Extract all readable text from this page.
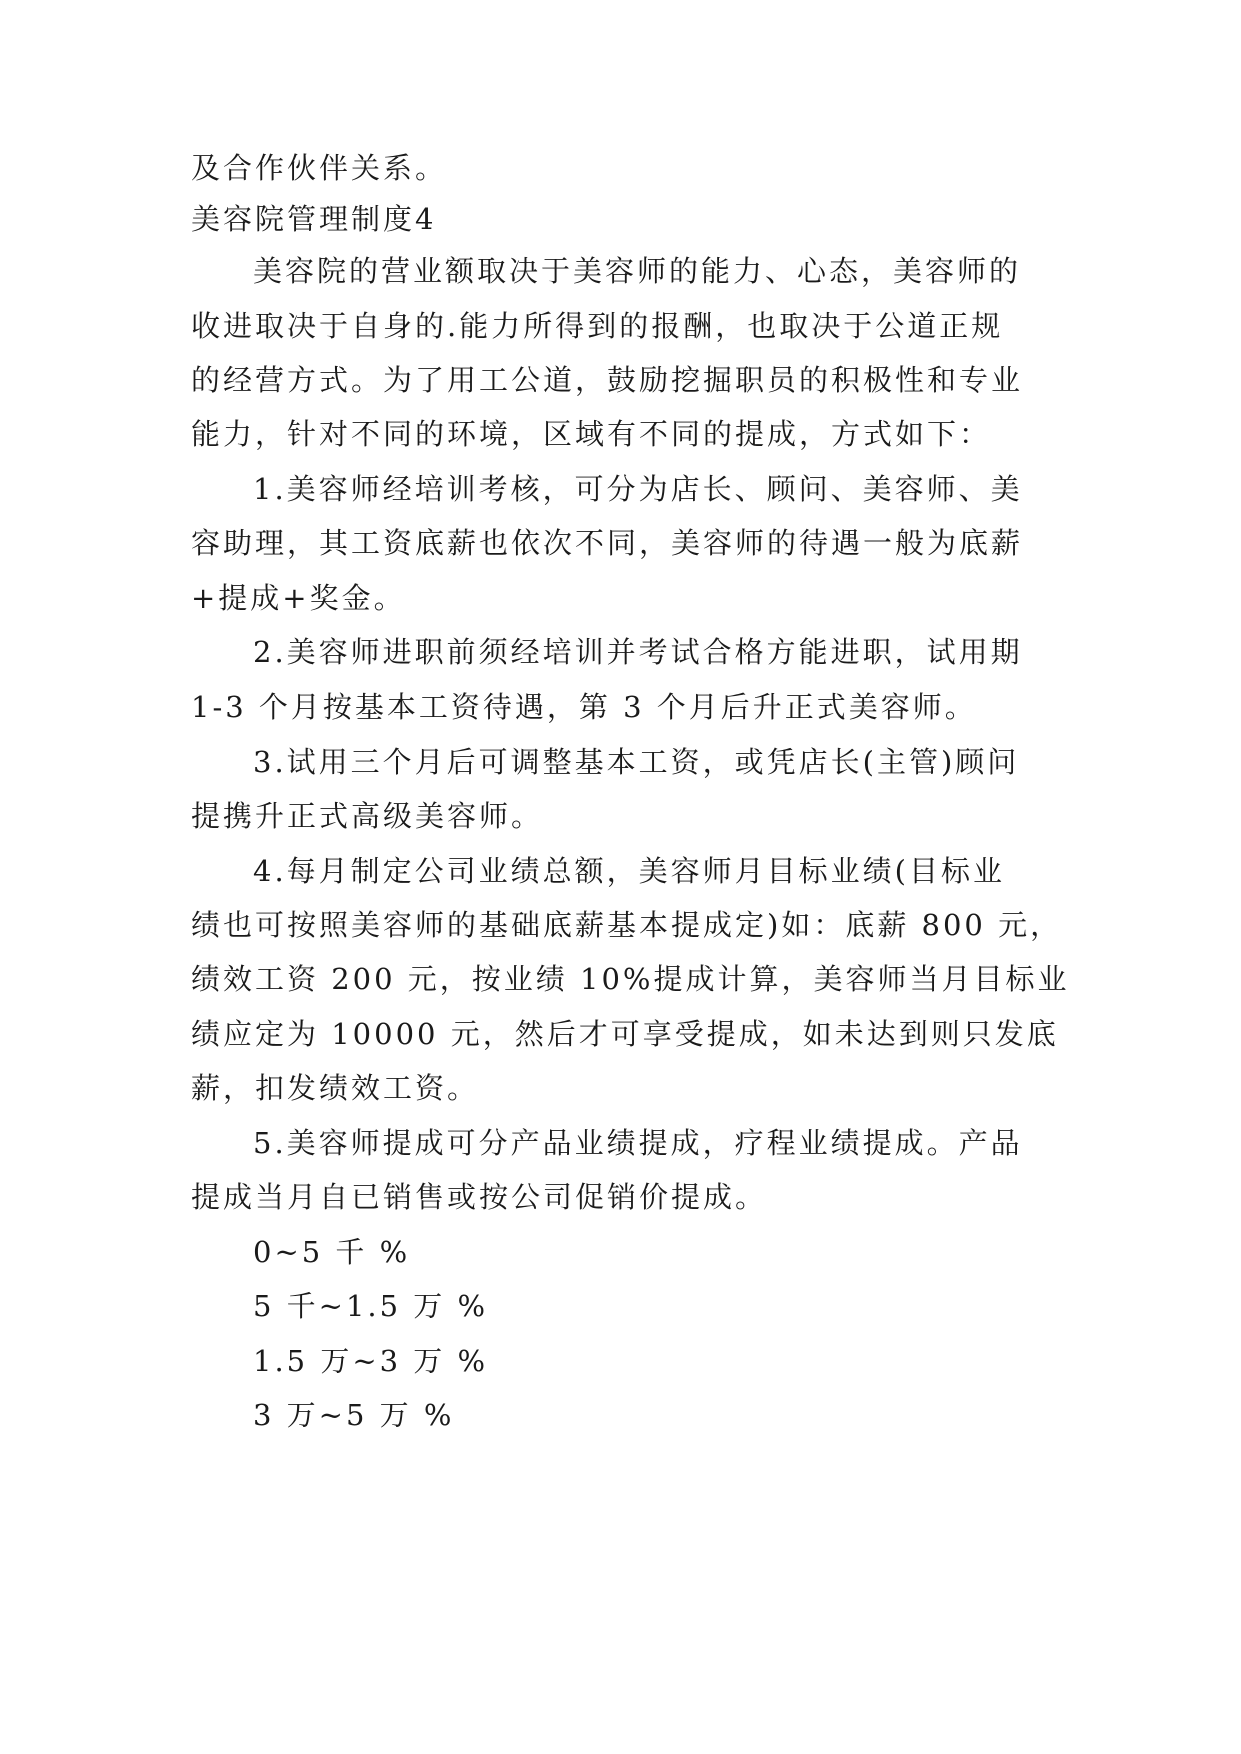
及合作伙伴关系。

美容院管理制度4

美容院的营业额取决于美容师的能力、心态，美容师的

收进取决于自身的.能力所得到的报酬，也取决于公道正规

的经营方式。为了用工公道，鼓励挖掘职员的积极性和专业

能力，针对不同的环境，区域有不同的提成，方式如下：

1.美容师经培训考核，可分为店长、顾问、美容师、美

容助理，其工资底薪也依次不同，美容师的待遇一般为底薪

+提成+奖金。

2.美容师进职前须经培训并考试合格方能进职，试用期

1-3 个月按基本工资待遇，第 3 个月后升正式美容师。

3.试用三个月后可调整基本工资，或凭店长(主管)顾问

提携升正式高级美容师。

4.每月制定公司业绩总额，美容师月目标业绩(目标业

绩也可按照美容师的基础底薪基本提成定)如：底薪 800 元，

绩效工资 200 元，按业绩 10%提成计算，美容师当月目标业

绩应定为 10000 元，然后才可享受提成，如未达到则只发底

薪，扣发绩效工资。

5.美容师提成可分产品业绩提成，疗程业绩提成。产品

提成当月自已销售或按公司促销价提成。

0~5 千 %

5 千~1.5 万 %

1.5 万~3 万 %

3 万~5 万 %
